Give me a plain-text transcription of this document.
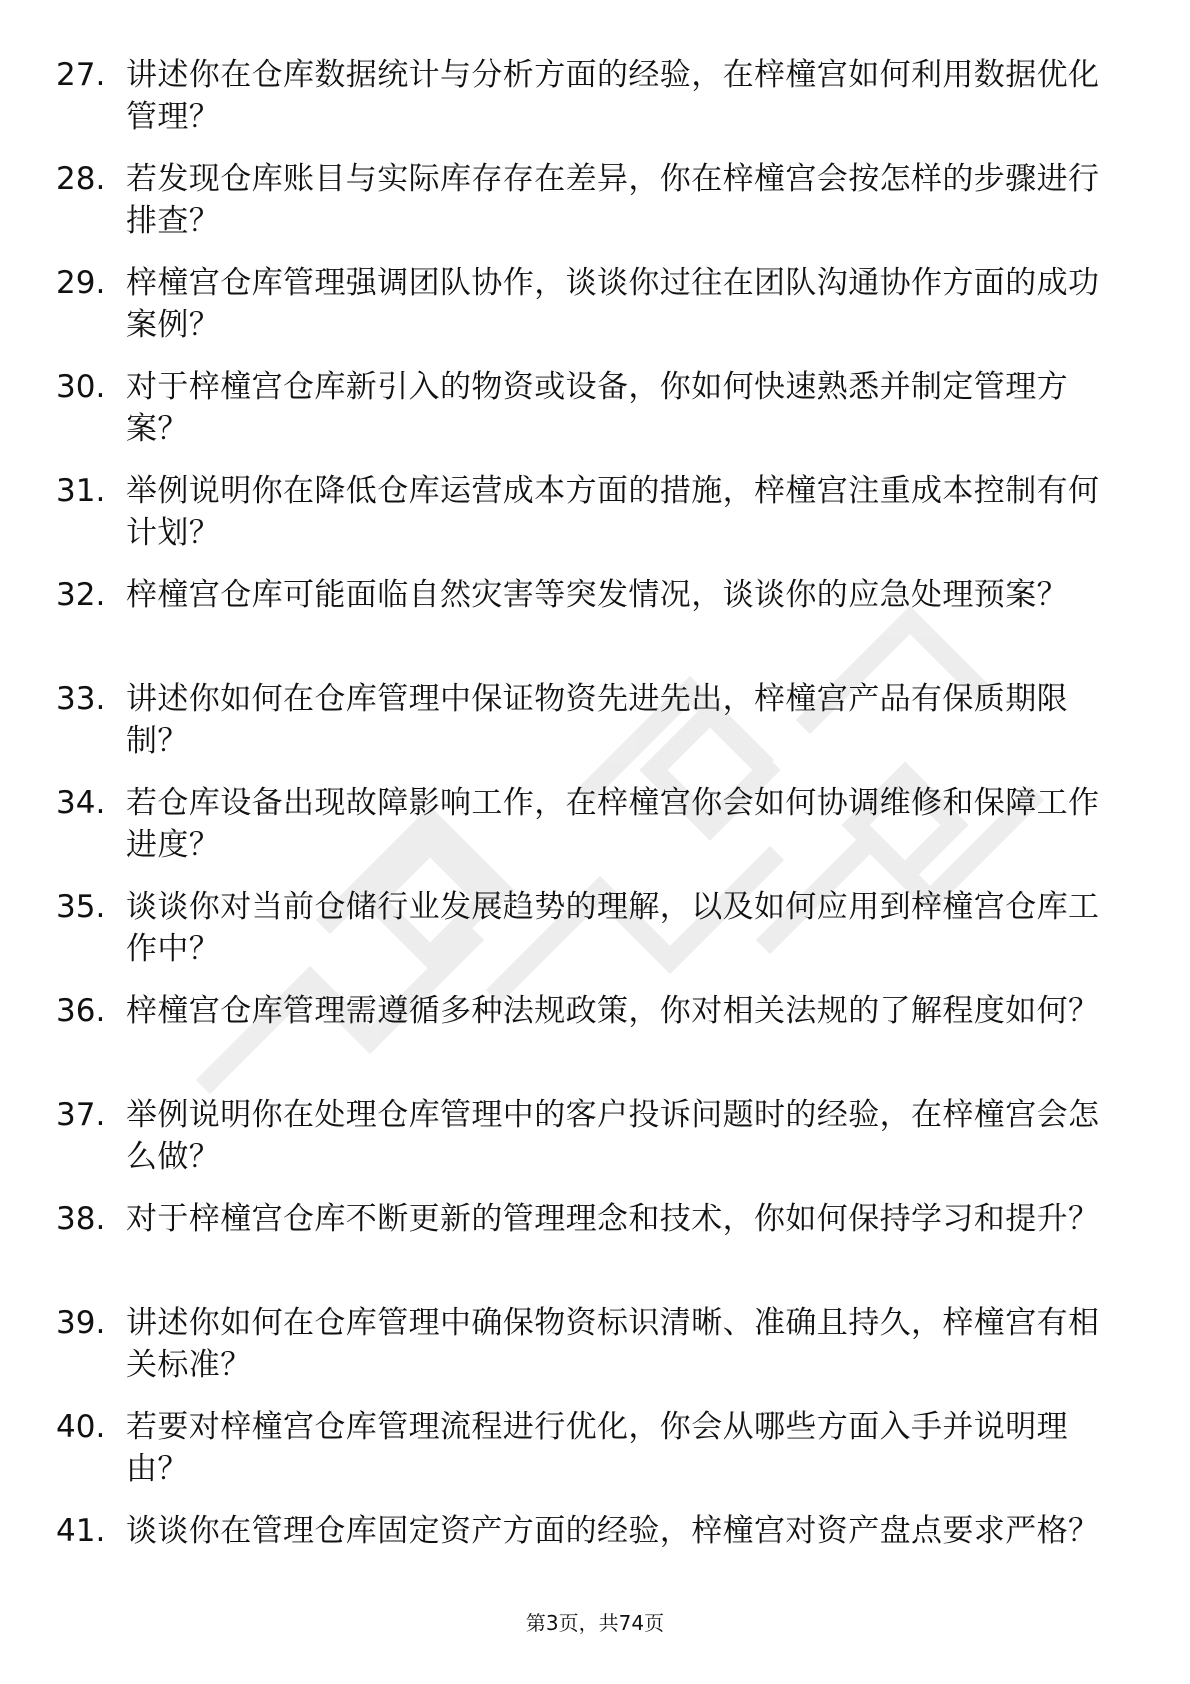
27. 讲述你在仓库数据统计与分析方面的经验，在梓橦宫如何利用数据优化管理？
28. 若发现仓库账目与实际库存存在差异，你在梓橦宫会按怎样的步骤进行排查？
29. 梓橦宫仓库管理强调团队协作，谈谈你过往在团队沟通协作方面的成功案例？
30. 对于梓橦宫仓库新引入的物资或设备，你如何快速熟悉并制定管理方案？
31. 举例说明你在降低仓库运营成本方面的措施，梓橦宫注重成本控制有何计划？
32. 梓橦宫仓库可能面临自然灾害等突发情况，谈谈你的应急处理预案？
33. 讲述你如何在仓库管理中保证物资先进先出，梓橦宫产品有保质期限制？
34. 若仓库设备出现故障影响工作，在梓橦宫你会如何协调维修和保障工作进度？
35. 谈谈你对当前仓储行业发展趋势的理解，以及如何应用到梓橦宫仓库工作中？
36. 梓橦宫仓库管理需遵循多种法规政策，你对相关法规的了解程度如何？
37. 举例说明你在处理仓库管理中的客户投诉问题时的经验，在梓橦宫会怎么做？
38. 对于梓橦宫仓库不断更新的管理理念和技术，你如何保持学习和提升？
39. 讲述你如何在仓库管理中确保物资标识清晰、准确且持久，梓橦宫有相关标准？
40. 若要对梓橦宫仓库管理流程进行优化，你会从哪些方面入手并说明理由？
41. 谈谈你在管理仓库固定资产方面的经验，梓橦宫对资产盘点要求严格？
第3页，共74页
